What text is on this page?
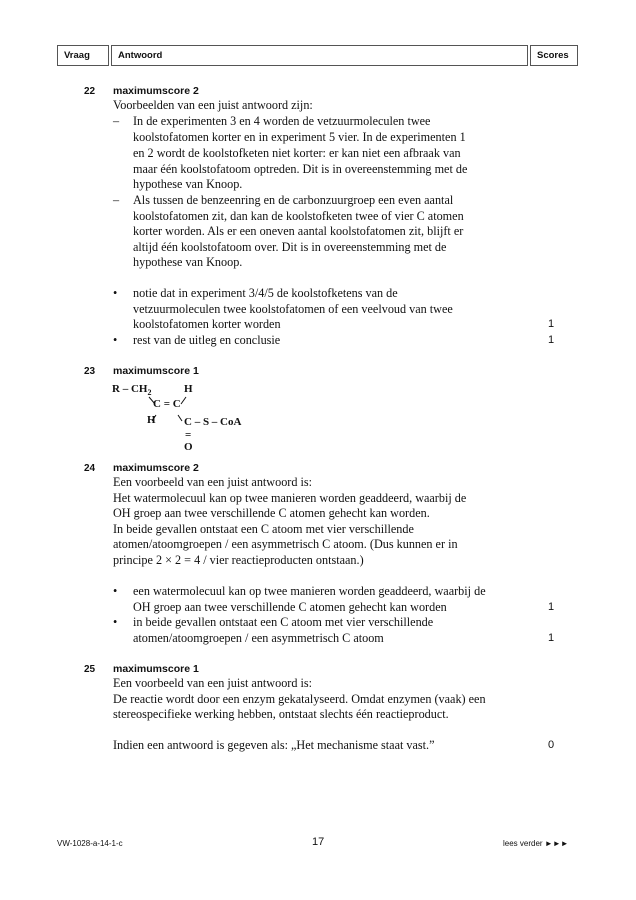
Vraag	Antwoord	Scores
22 maximumscore 2
Voorbeelden van een juist antwoord zijn:
– In de experimenten 3 en 4 worden de vetzuurmoleculen twee
koolstofatomen korter en in experiment 5 vier. In de experimenten 1
en 2 wordt de koolstofketen niet korter: er kan niet een afbraak van
maar één koolstofatoom optreden. Dit is in overeenstemming met de
hypothese van Knoop.
– Als tussen de benzeenring en de carbonzuurgroep een even aantal
koolstofatomen zit, dan kan de koolstofketen twee of vier C atomen
korter worden. Als er een oneven aantal koolstofatomen zit, blijft er
altijd één koolstofatoom over. Dit is in overeenstemming met de
hypothese van Knoop.
• notie dat in experiment 3/4/5 de koolstofketens van de
vetzuurmoleculen twee koolstofatomen of een veelvoud van twee
koolstofatomen korter worden	1
• rest van de uitleg en conclusie	1
23 maximumscore 1
R – $CH_2$	H
C = C
H	C – S – CoA
=
O
24 maximumscore 2
Een voorbeeld van een juist antwoord is:
Het watermolecuul kan op twee manieren worden geaddeerd, waarbij de
OH groep aan twee verschillende C atomen gehecht kan worden.
In beide gevallen ontstaat een C atoom met vier verschillende
atomen/atoomgroepen / een asymmetrisch C atoom. (Dus kunnen er in
principe 2 × 2 = 4 / vier reactieproducten ontstaan.)
• een watermolecuul kan op twee manieren worden geaddeerd, waarbij de
OH groep aan twee verschillende C atomen gehecht kan worden	1
• in beide gevallen ontstaat een C atoom met vier verschillende
atomen/atoomgroepen / een asymmetrisch C atoom	1
25 maximumscore 1
Een voorbeeld van een juist antwoord is:
De reactie wordt door een enzym gekatalyseerd. Omdat enzymen (vaak) een
stereospecifieke werking hebben, ontstaat slechts één reactieproduct.
Indien een antwoord is gegeven als: „Het mechanisme staat vast.”	0
VW-1028-a-14-1-c	17	lees verder ►►►
